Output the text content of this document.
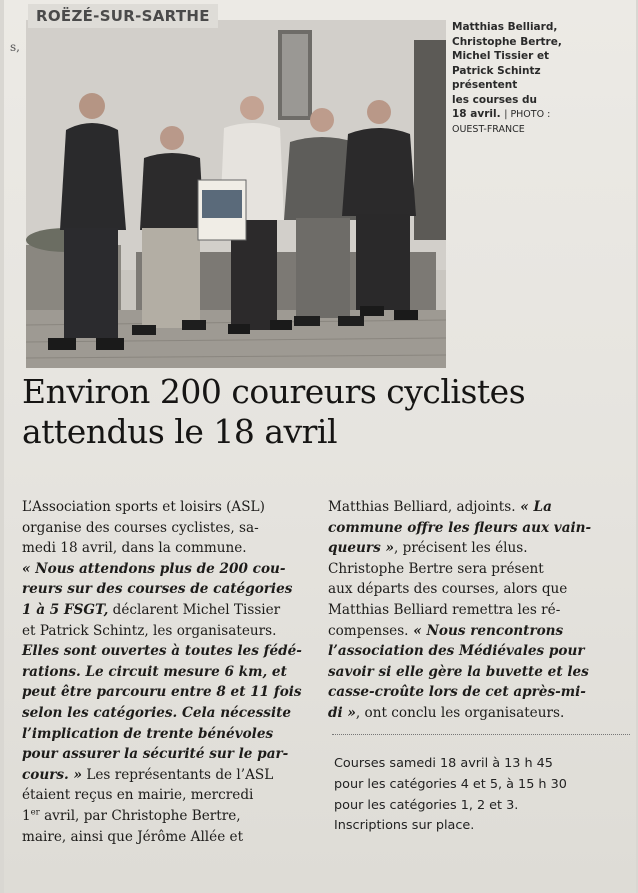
s,
ROËZÉ-SUR-SARTHE
Matthias Belliard,
Christophe Bertre,
Michel Tissier et
Patrick Schintz
présentent
les courses du
18 avril. | PHOTO :
OUEST-FRANCE
Environ 200 coureurs cyclistes
attendus le 18 avril
L’Association sports et loisirs (ASL)
organise des courses cyclistes, sa-
medi 18 avril, dans la commune.
« Nous attendons plus de 200 cou-
reurs sur des courses de catégories
1 à 5 FSGT, déclarent Michel Tissier
et Patrick Schintz, les organisateurs.
Elles sont ouvertes à toutes les fédé-
rations. Le circuit mesure 6 km, et
peut être parcouru entre 8 et 11 fois
selon les catégories. Cela nécessite
l’implication de trente bénévoles
pour assurer la sécurité sur le par-
cours. » Les représentants de l’ASL
étaient reçus en mairie, mercredi
1er avril, par Christophe Bertre,
maire, ainsi que Jérôme Allée et
Matthias Belliard, adjoints. « La
commune offre les fleurs aux vain-
queurs », précisent les élus.
Christophe Bertre sera présent
aux départs des courses, alors que
Matthias Belliard remettra les ré-
compenses. « Nous rencontrons
l’association des Médiévales pour
savoir si elle gère la buvette et les
casse-croûte lors de cet après-mi-
di », ont conclu les organisateurs.
Courses samedi 18 avril à 13 h 45
pour les catégories 4 et 5, à 15 h 30
pour les catégories 1, 2 et 3.
Inscriptions sur place.
